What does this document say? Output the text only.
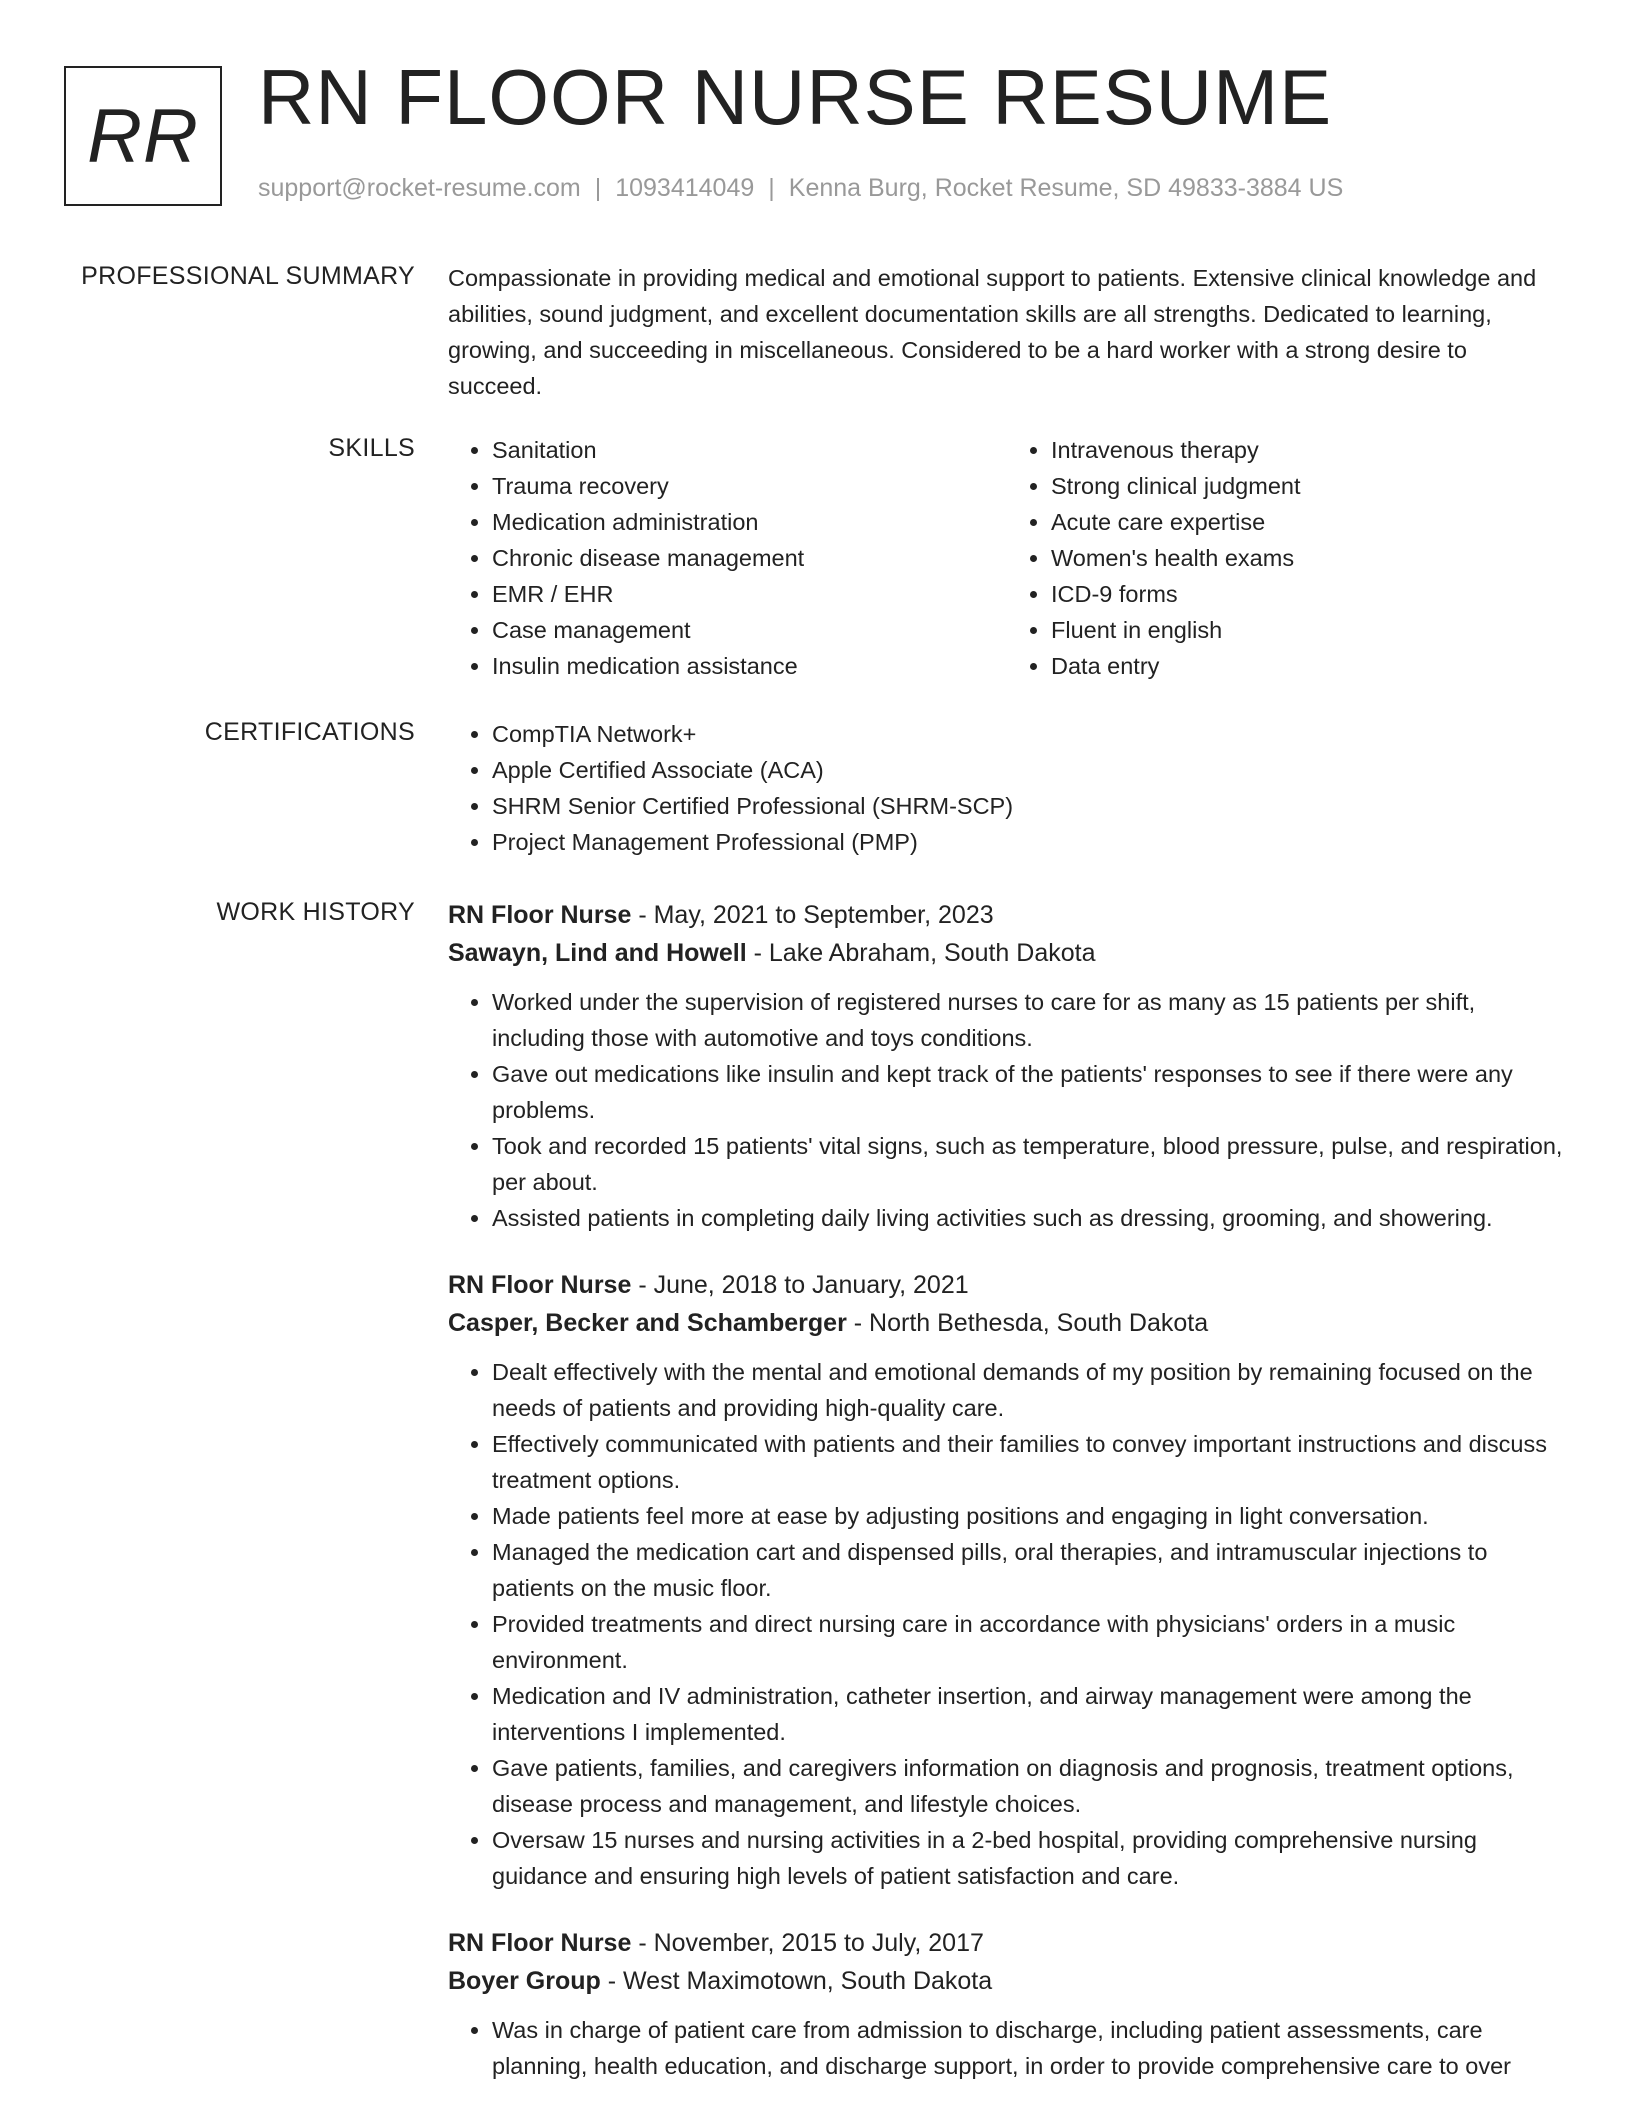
RR RN FLOOR NURSE RESUME
support@rocket-resume.com | 1093414049 | Kenna Burg, Rocket Resume, SD 49833-3884 US
PROFESSIONAL SUMMARY Compassionate in providing medical and emotional support to patients. Extensive clinical knowledge and abilities, sound judgment, and excellent documentation skills are all strengths. Dedicated to learning, growing, and succeeding in miscellaneous. Considered to be a hard worker with a strong desire to succeed.

SKILLS	• Sanitation
• Trauma recovery
• Medication administration
• Chronic disease management
• EMR / EHR
• Case management
• Insulin medication assistance
• Intravenous therapy
• Strong clinical judgment
• Acute care expertise
• Women's health exams
• ICD-9 forms
• Fluent in english
• Data entry
CERTIFICATIONS	• CompTIA Network+
• Apple Certified Associate (ACA)
• SHRM Senior Certified Professional (SHRM-SCP)
• Project Management Professional (PMP)
WORK HISTORY RN Floor Nurse - May, 2021 to September, 2023
Sawayn, Lind and Howell - Lake Abraham, South Dakota
• Worked under the supervision of registered nurses to care for as many as 15 patients per shift, including those with automotive and toys conditions.
• Gave out medications like insulin and kept track of the patients' responses to see if there were any problems.
• Took and recorded 15 patients' vital signs, such as temperature, blood pressure, pulse, and respiration, per about.
• Assisted patients in completing daily living activities such as dressing, grooming, and showering.
RN Floor Nurse - June, 2018 to January, 2021
Casper, Becker and Schamberger - North Bethesda, South Dakota
• Dealt effectively with the mental and emotional demands of my position by remaining focused on the needs of patients and providing high-quality care.
• Effectively communicated with patients and their families to convey important instructions and discuss treatment options.
• Made patients feel more at ease by adjusting positions and engaging in light conversation.
• Managed the medication cart and dispensed pills, oral therapies, and intramuscular injections to patients on the music floor.
• Provided treatments and direct nursing care in accordance with physicians' orders in a music environment.
• Medication and IV administration, catheter insertion, and airway management were among the interventions I implemented.
• Gave patients, families, and caregivers information on diagnosis and prognosis, treatment options, disease process and management, and lifestyle choices.
• Oversaw 15 nurses and nursing activities in a 2-bed hospital, providing comprehensive nursing guidance and ensuring high levels of patient satisfaction and care.
RN Floor Nurse - November, 2015 to July, 2017
Boyer Group - West Maximotown, South Dakota
• Was in charge of patient care from admission to discharge, including patient assessments, care planning, health education, and discharge support, in order to provide comprehensive care to over
